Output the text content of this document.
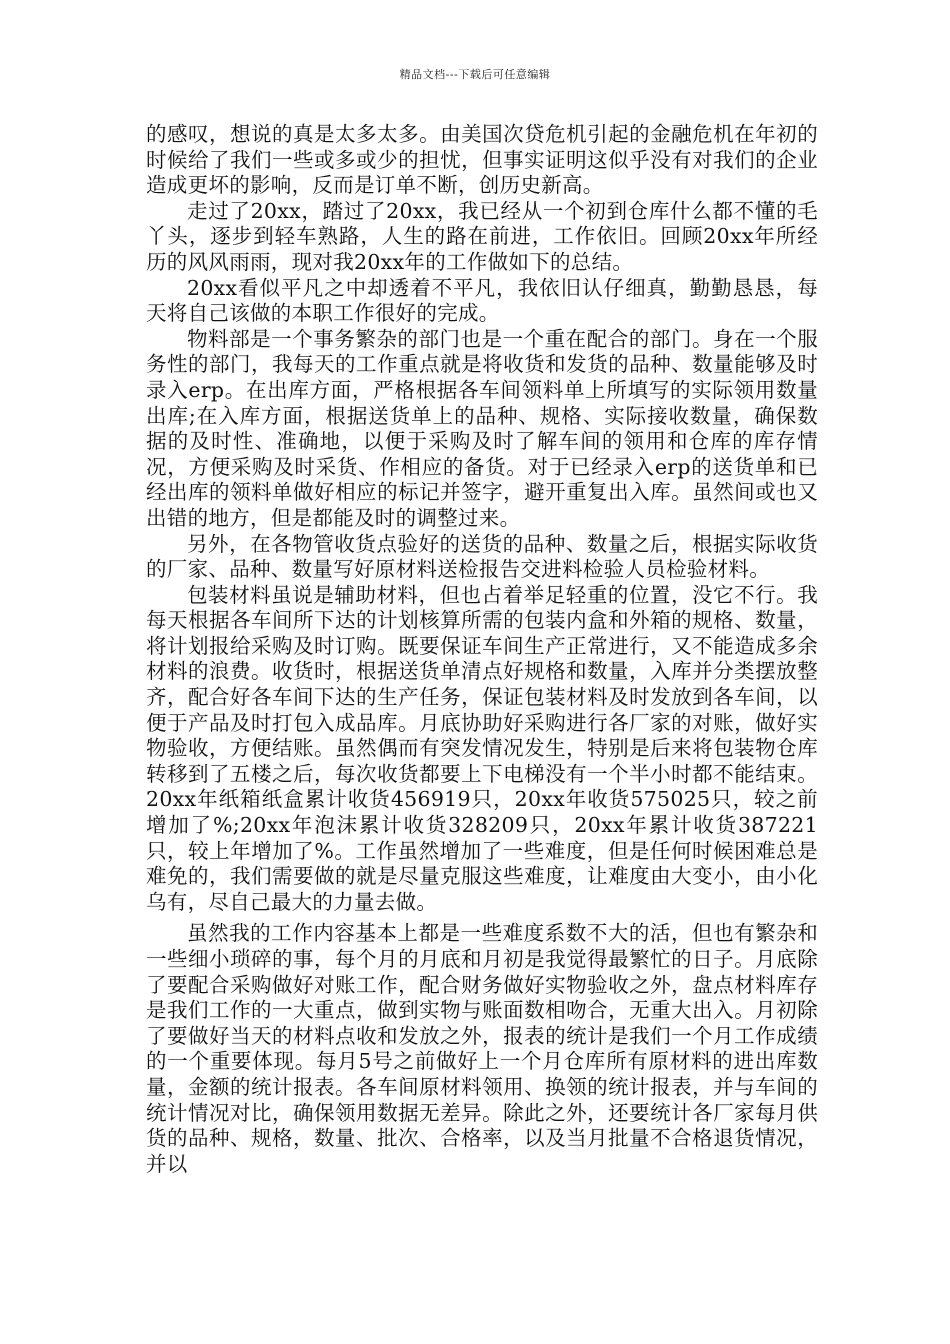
精品文档---下载后可任意编辑

的感叹，想说的真是太多太多。由美国次贷危机引起的金融危机在年初的时候给了我们一些或多或少的担忧，但事实证明这似乎没有对我们的企业造成更坏的影响，反而是订单不断，创历史新高。

走过了20xx，踏过了20xx，我已经从一个初到仓库什么都不懂的毛丫头，逐步到轻车熟路，人生的路在前进，工作依旧。回顾20xx年所经历的风风雨雨，现对我20xx年的工作做如下的总结。

20xx看似平凡之中却透着不平凡，我依旧认仔细真，勤勤恳恳，每天将自己该做的本职工作很好的完成。

物料部是一个事务繁杂的部门也是一个重在配合的部门。身在一个服务性的部门，我每天的工作重点就是将收货和发货的品种、数量能够及时录入erp。在出库方面，严格根据各车间领料单上所填写的实际领用数量出库;在入库方面，根据送货单上的品种、规格、实际接收数量，确保数据的及时性、准确地，以便于采购及时了解车间的领用和仓库的库存情况，方便采购及时采货、作相应的备货。对于已经录入erp的送货单和已经出库的领料单做好相应的标记并签字，避开重复出入库。虽然间或也又出错的地方，但是都能及时的调整过来。

另外，在各物管收货点验好的送货的品种、数量之后，根据实际收货的厂家、品种、数量写好原材料送检报告交进料检验人员检验材料。

包装材料虽说是辅助材料，但也占着举足轻重的位置，没它不行。我每天根据各车间所下达的计划核算所需的包装内盒和外箱的规格、数量，将计划报给采购及时订购。既要保证车间生产正常进行，又不能造成多余材料的浪费。收货时，根据送货单清点好规格和数量，入库并分类摆放整齐，配合好各车间下达的生产任务，保证包装材料及时发放到各车间，以便于产品及时打包入成品库。月底协助好采购进行各厂家的对账，做好实物验收，方便结账。虽然偶而有突发情况发生，特别是后来将包装物仓库转移到了五楼之后，每次收货都要上下电梯没有一个半小时都不能结束。20xx年纸箱纸盒累计收货456919只，20xx年收货575025只，较之前增加了%;20xx年泡沫累计收货328209只，20xx年累计收货387221只，较上年增加了%。工作虽然增加了一些难度，但是任何时候困难总是难免的，我们需要做的就是尽量克服这些难度，让难度由大变小，由小化乌有，尽自己最大的力量去做。

虽然我的工作内容基本上都是一些难度系数不大的活，但也有繁杂和一些细小琐碎的事，每个月的月底和月初是我觉得最繁忙的日子。月底除了要配合采购做好对账工作，配合财务做好实物验收之外，盘点材料库存是我们工作的一大重点，做到实物与账面数相吻合，无重大出入。月初除了要做好当天的材料点收和发放之外，报表的统计是我们一个月工作成绩的一个重要体现。每月5号之前做好上一个月仓库所有原材料的进出库数量，金额的统计报表。各车间原材料领用、换领的统计报表，并与车间的统计情况对比，确保领用数据无差异。除此之外，还要统计各厂家每月供货的品种、规格，数量、批次、合格率，以及当月批量不合格退货情况，并以
